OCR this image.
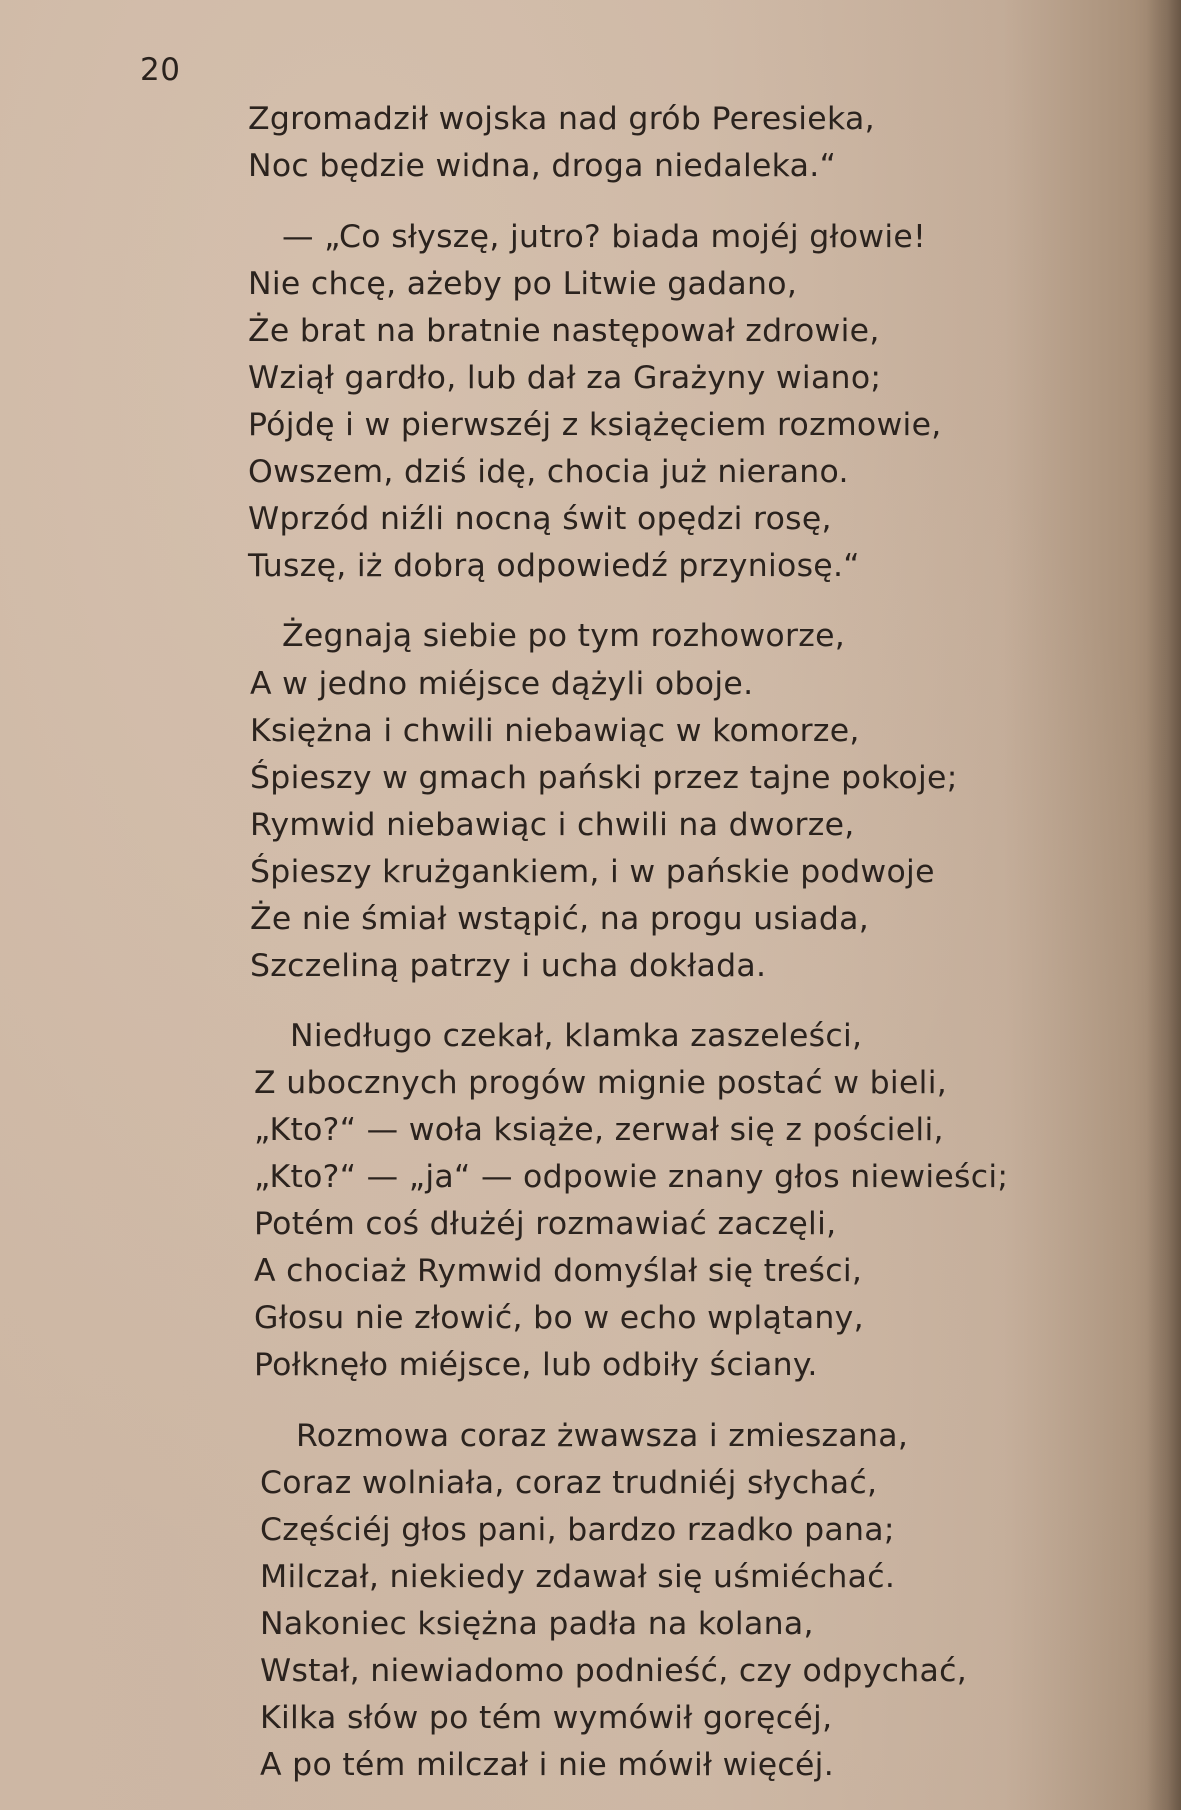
20
Zgromadził wojska nad grób Peresieka,
Noc będzie widna, droga niedaleka.“
— „Co słyszę, jutro? biada mojéj głowie!
Nie chcę, ażeby po Litwie gadano,
Że brat na bratnie następował zdrowie,
Wziął gardło, lub dał za Grażyny wiano;
Pójdę i w pierwszéj z książęciem rozmowie,
Owszem, dziś idę, chocia już nierano.
Wprzód niźli nocną świt opędzi rosę,
Tuszę, iż dobrą odpowiedź przyniosę.“
Żegnają siebie po tym rozhoworze,
A w jedno miéjsce dążyli oboje.
Księżna i chwili niebawiąc w komorze,
Śpieszy w gmach pański przez tajne pokoje;
Rymwid niebawiąc i chwili na dworze,
Śpieszy krużgankiem, i w pańskie podwoje
Że nie śmiał wstąpić, na progu usiada,
Szczeliną patrzy i ucha dokłada.
Niedługo czekał, klamka zaszeleści,
Z ubocznych progów mignie postać w bieli,
„Kto?“ — woła książe, zerwał się z pościeli,
„Kto?“ — „ja“ — odpowie znany głos niewieści;
Potém coś dłużéj rozmawiać zaczęli,
A chociaż Rymwid domyślał się treści,
Głosu nie złowić, bo w echo wplątany,
Połknęło miéjsce, lub odbiły ściany.
Rozmowa coraz żwawsza i zmieszana,
Coraz wolniała, coraz trudniéj słychać,
Częściéj głos pani, bardzo rzadko pana;
Milczał, niekiedy zdawał się uśmiéchać.
Nakoniec księżna padła na kolana,
Wstał, niewiadomo podnieść, czy odpychać,
Kilka słów po tém wymówił goręcéj,
A po tém milczał i nie mówił więcéj.
